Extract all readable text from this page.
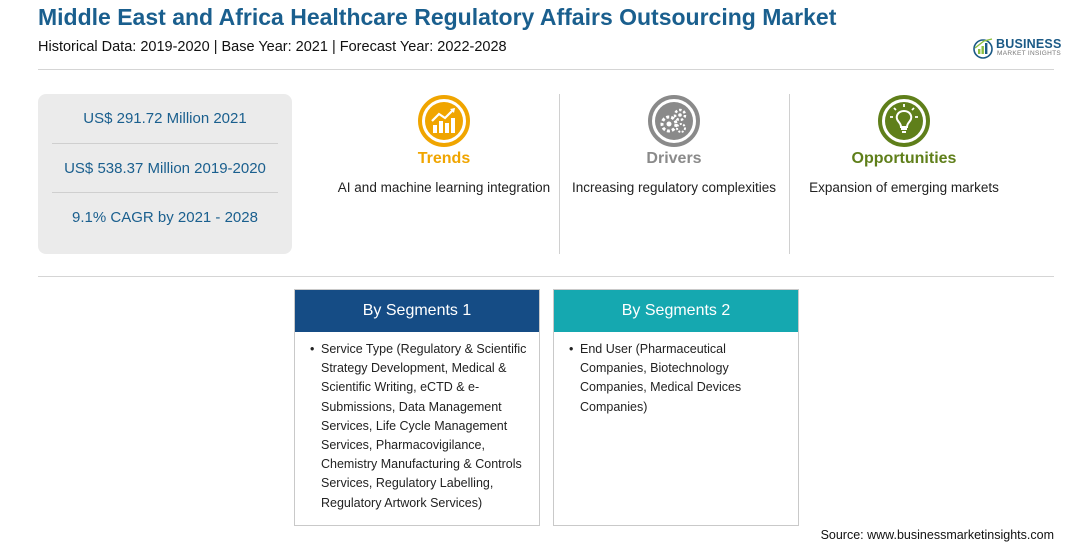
Middle East and Africa Healthcare Regulatory Affairs Outsourcing Market
Historical Data: 2019-2020 | Base Year: 2021 | Forecast Year: 2022-2028	BUSINESS
MARKET INSIGHTS
US$ 291.72 Million 2021
US$ 538.37 Million 2019-2020
9.1% CAGR by 2021 - 2028
Trends
AI and machine learning integration
Drivers
Increasing regulatory complexities
Opportunities
Expansion of emerging markets
By Segments 1
• Service Type (Regulatory & Scientific Strategy Development, Medical & Scientific Writing, eCTD & e-Submissions, Data Management Services, Life Cycle Management Services, Pharmacovigilance, Chemistry Manufacturing & Controls Services, Regulatory Labelling, Regulatory Artwork Services)
By Segments 2
• End User (Pharmaceutical Companies, Biotechnology Companies, Medical Devices Companies)
Source: www.businessmarketinsights.com
